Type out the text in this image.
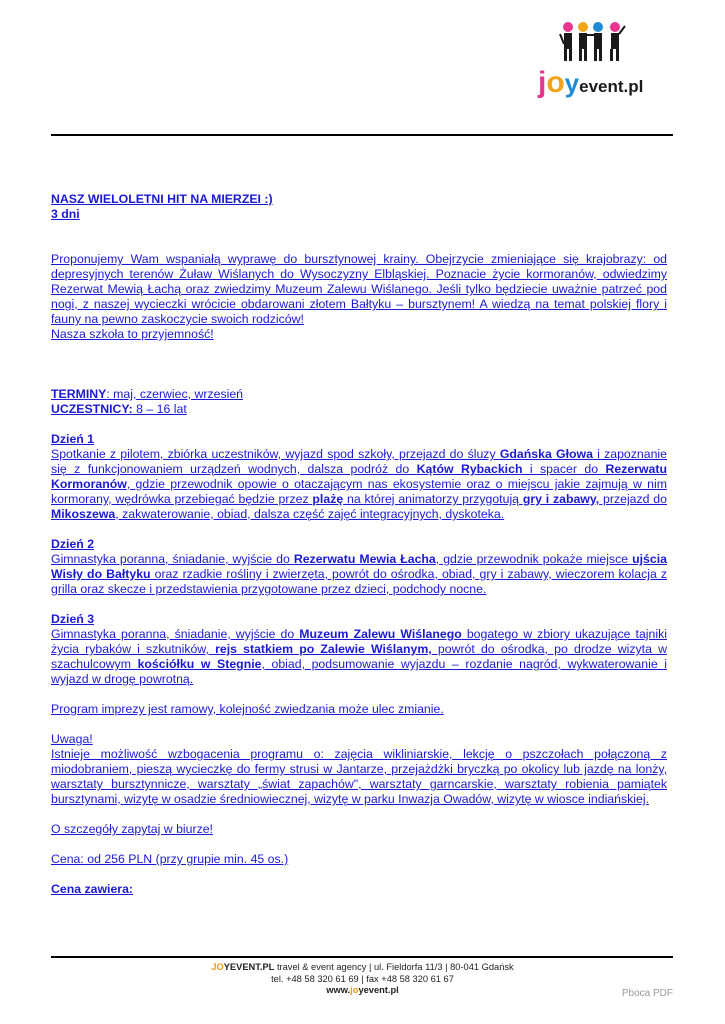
joyevent.pl

NASZ WIELOLETNI HIT NA MIERZEI :)

3 dni

Proponujemy Wam wspaniałą wyprawę do bursztynowej krainy. Obejrzycie zmieniające się krajobrazy: od depresyjnych terenów Żuław Wiślanych do Wysoczyzny Elbląskiej. Poznacie życie kormoranów, odwiedzimy Rezerwat Mewią Łachą oraz zwiedzimy Muzeum Zalewu Wiślanego. Jeśli tylko będziecie uważnie patrzeć pod nogi, z naszej wycieczki wrócicie obdarowani złotem Bałtyku – bursztynem! A wiedzą na temat polskiej flory i fauny na pewno zaskoczycie swoich rodziców!

Nasza szkoła to przyjemność!

TERMINY: maj, czerwiec, wrzesień

UCZESTNICY: 8 – 16 lat

Dzień 1

Spotkanie z pilotem, zbiórka uczestników, wyjazd spod szkoły, przejazd do śluzy Gdańska Głowa i zapoznanie się z funkcjonowaniem urządzeń wodnych, dalsza podróż do Kątów Rybackich i spacer do Rezerwatu Kormoranów, gdzie przewodnik opowie o otaczającym nas ekosystemie oraz o miejscu jakie zajmują w nim kormorany, wędrówka przebiegać będzie przez plażę na której animatorzy przygotują gry i zabawy, przejazd do Mikoszewa, zakwaterowanie, obiad, dalsza część zajęć integracyjnych, dyskoteka.

Dzień 2

Gimnastyka poranna, śniadanie, wyjście do Rezerwatu Mewia Łacha, gdzie przewodnik pokaże miejsce ujścia Wisły do Bałtyku oraz rzadkie rośliny i zwierzęta, powrót do ośrodka, obiad, gry i zabawy, wieczorem kolacja z grilla oraz skecze i przedstawienia przygotowane przez dzieci, podchody nocne.

Dzień 3

Gimnastyka poranna, śniadanie, wyjście do Muzeum Zalewu Wiślanego bogatego w zbiory ukazujące tajniki życia rybaków i szkutników, rejs statkiem po Zalewie Wiślanym, powrót do ośrodka, po drodze wizyta w szachulcowym kościółku w Stegnie, obiad, podsumowanie wyjazdu – rozdanie nagród, wykwaterowanie i wyjazd w drogę powrotną.

Program imprezy jest ramowy, kolejność zwiedzania może ulec zmianie.

Uwaga!

Istnieje możliwość wzbogacenia programu o: zajęcia wikliniarskie, lekcję o pszczołach połączoną z miodobraniem, pieszą wycieczkę do fermy strusi w Jantarze, przejażdżki bryczką po okolicy lub jazdę na lonży, warsztaty bursztynnicze, warsztaty „świat zapachów", warsztaty garncarskie, warsztaty robienia pamiątek bursztynami, wizytę w osadzie średniowiecznej, wizytę w parku Inwazja Owadów, wizytę w wiosce indiańskiej.

O szczegóły zapytaj w biurze!

Cena: od 256 PLN (przy grupie min. 45 os.)

Cena zawiera:

JOYEVENT.PL travel & event agency | ul. Fieldorfa 11/3 | 80-041 Gdańsk
tel. +48 58 320 61 69 | fax +48 58 320 61 67
www.joyevent.pl	Pboca PDF
